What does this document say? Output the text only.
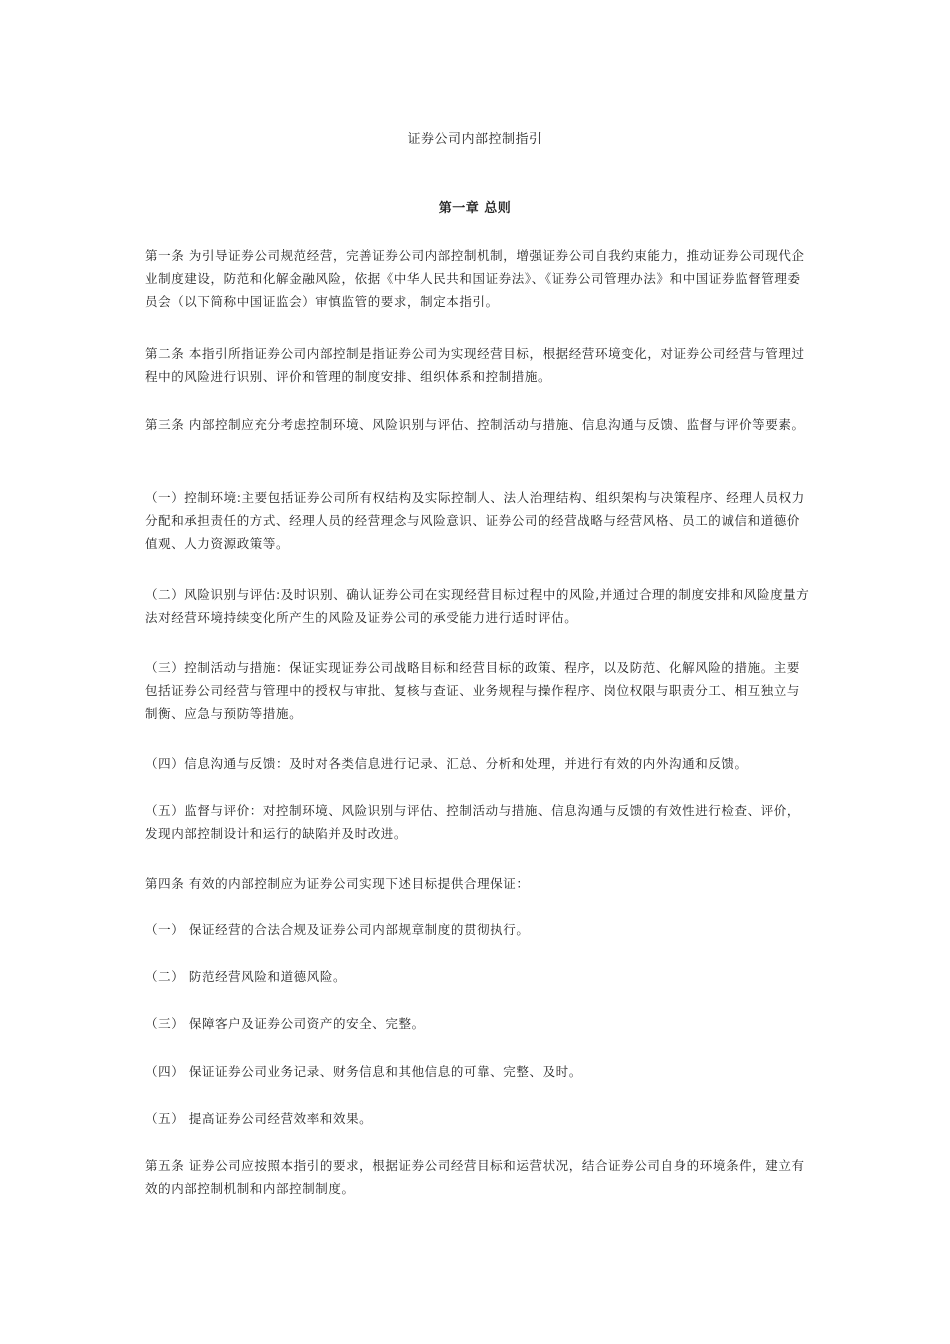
证券公司内部控制指引
第一章 总则

第一条 为引导证券公司规范经营，完善证券公司内部控制机制，增强证券公司自我约束能力，推动证券公司现代企业制度建设，防范和化解金融风险，依据《中华人民共和国证券法》、《证券公司管理办法》和中国证券监督管理委员会（以下简称中国证监会）审慎监管的要求，制定本指引。

第二条 本指引所指证券公司内部控制是指证券公司为实现经营目标，根据经营环境变化，对证券公司经营与管理过程中的风险进行识别、评价和管理的制度安排、组织体系和控制措施。

第三条 内部控制应充分考虑控制环境、风险识别与评估、控制活动与措施、信息沟通与反馈、监督与评价等要素。

（一）控制环境:主要包括证券公司所有权结构及实际控制人、法人治理结构、组织架构与决策程序、经理人员权力分配和承担责任的方式、经理人员的经营理念与风险意识、证券公司的经营战略与经营风格、员工的诚信和道德价值观、人力资源政策等。

（二）风险识别与评估:及时识别、确认证券公司在实现经营目标过程中的风险,并通过合理的制度安排和风险度量方法对经营环境持续变化所产生的风险及证券公司的承受能力进行适时评估。

（三）控制活动与措施：保证实现证券公司战略目标和经营目标的政策、程序，以及防范、化解风险的措施。主要包括证券公司经营与管理中的授权与审批、复核与查证、业务规程与操作程序、岗位权限与职责分工、相互独立与制衡、应急与预防等措施。

（四）信息沟通与反馈：及时对各类信息进行记录、汇总、分析和处理，并进行有效的内外沟通和反馈。

（五）监督与评价：对控制环境、风险识别与评估、控制活动与措施、信息沟通与反馈的有效性进行检查、评价，发现内部控制设计和运行的缺陷并及时改进。

第四条 有效的内部控制应为证券公司实现下述目标提供合理保证：

（一） 保证经营的合法合规及证券公司内部规章制度的贯彻执行。

（二） 防范经营风险和道德风险。

（三） 保障客户及证券公司资产的安全、完整。

（四） 保证证券公司业务记录、财务信息和其他信息的可靠、完整、及时。

（五） 提高证券公司经营效率和效果。

第五条 证券公司应按照本指引的要求，根据证券公司经营目标和运营状况，结合证券公司自身的环境条件，建立有效的内部控制机制和内部控制制度。
